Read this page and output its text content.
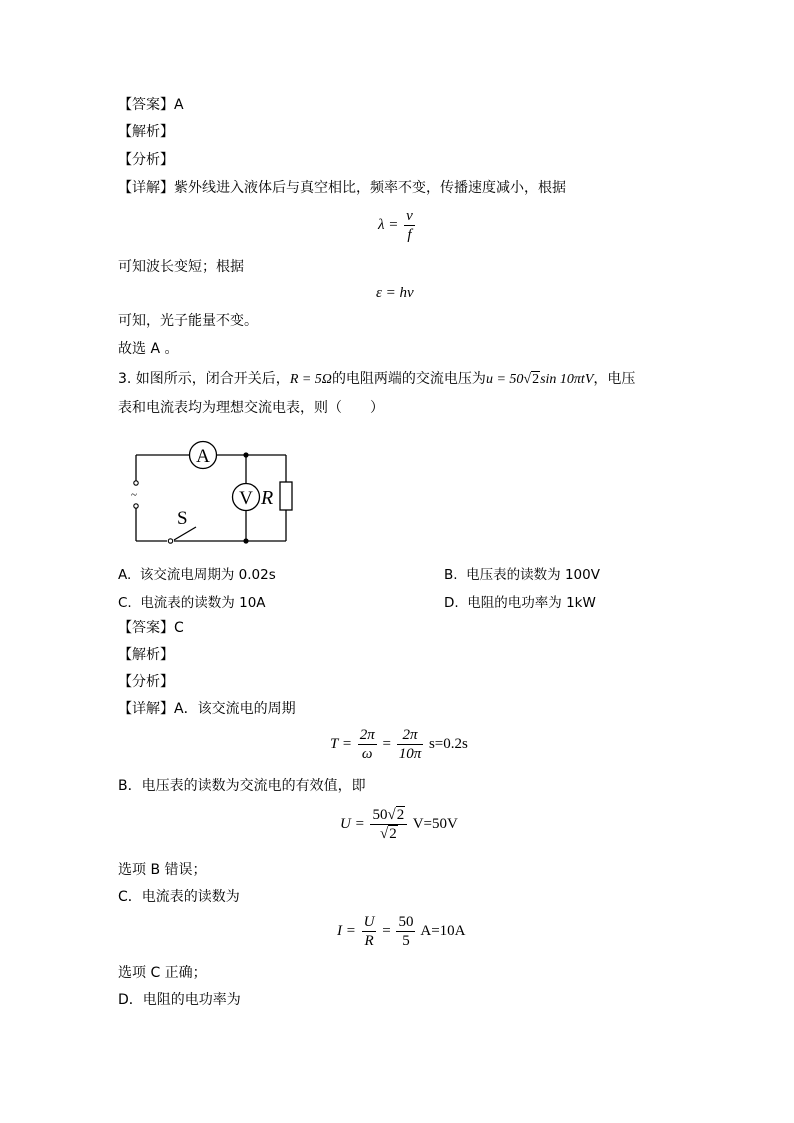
【答案】A
【解析】
【分析】
【详解】紫外线进入液体后与真空相比，频率不变，传播速度减小，根据
$\lambda = \frac{v}{f}$
可知波长变短；根据
ε = hν
可知，光子能量不变。
故选 A 。
3. 如图所示，闭合开关后，R = 5Ω的电阻两端的交流电压为u = 50√2sin 10πtV，电压
表和电流表均为理想交流电表，则（　　）
~
S
A
V R
A. 该交流电周期为 0.02s	B. 电压表的读数为 100V
C. 电流表的读数为 10A	D. 电阻的电功率为 1kW
【答案】C
【解析】
【分析】
【详解】A．该交流电的周期
$T = \frac{2\pi}{\omega} = \frac{2\pi}{10\pi} s=0.2s$
B．电压表的读数为交流电的有效值，即
$U = \frac{50√2}{√2} V=50V$
选项 B 错误；
C．电流表的读数为
$I = \frac{U}{R} = \frac{50}{5} A=10A$
选项 C 正确；
D．电阻的电功率为
